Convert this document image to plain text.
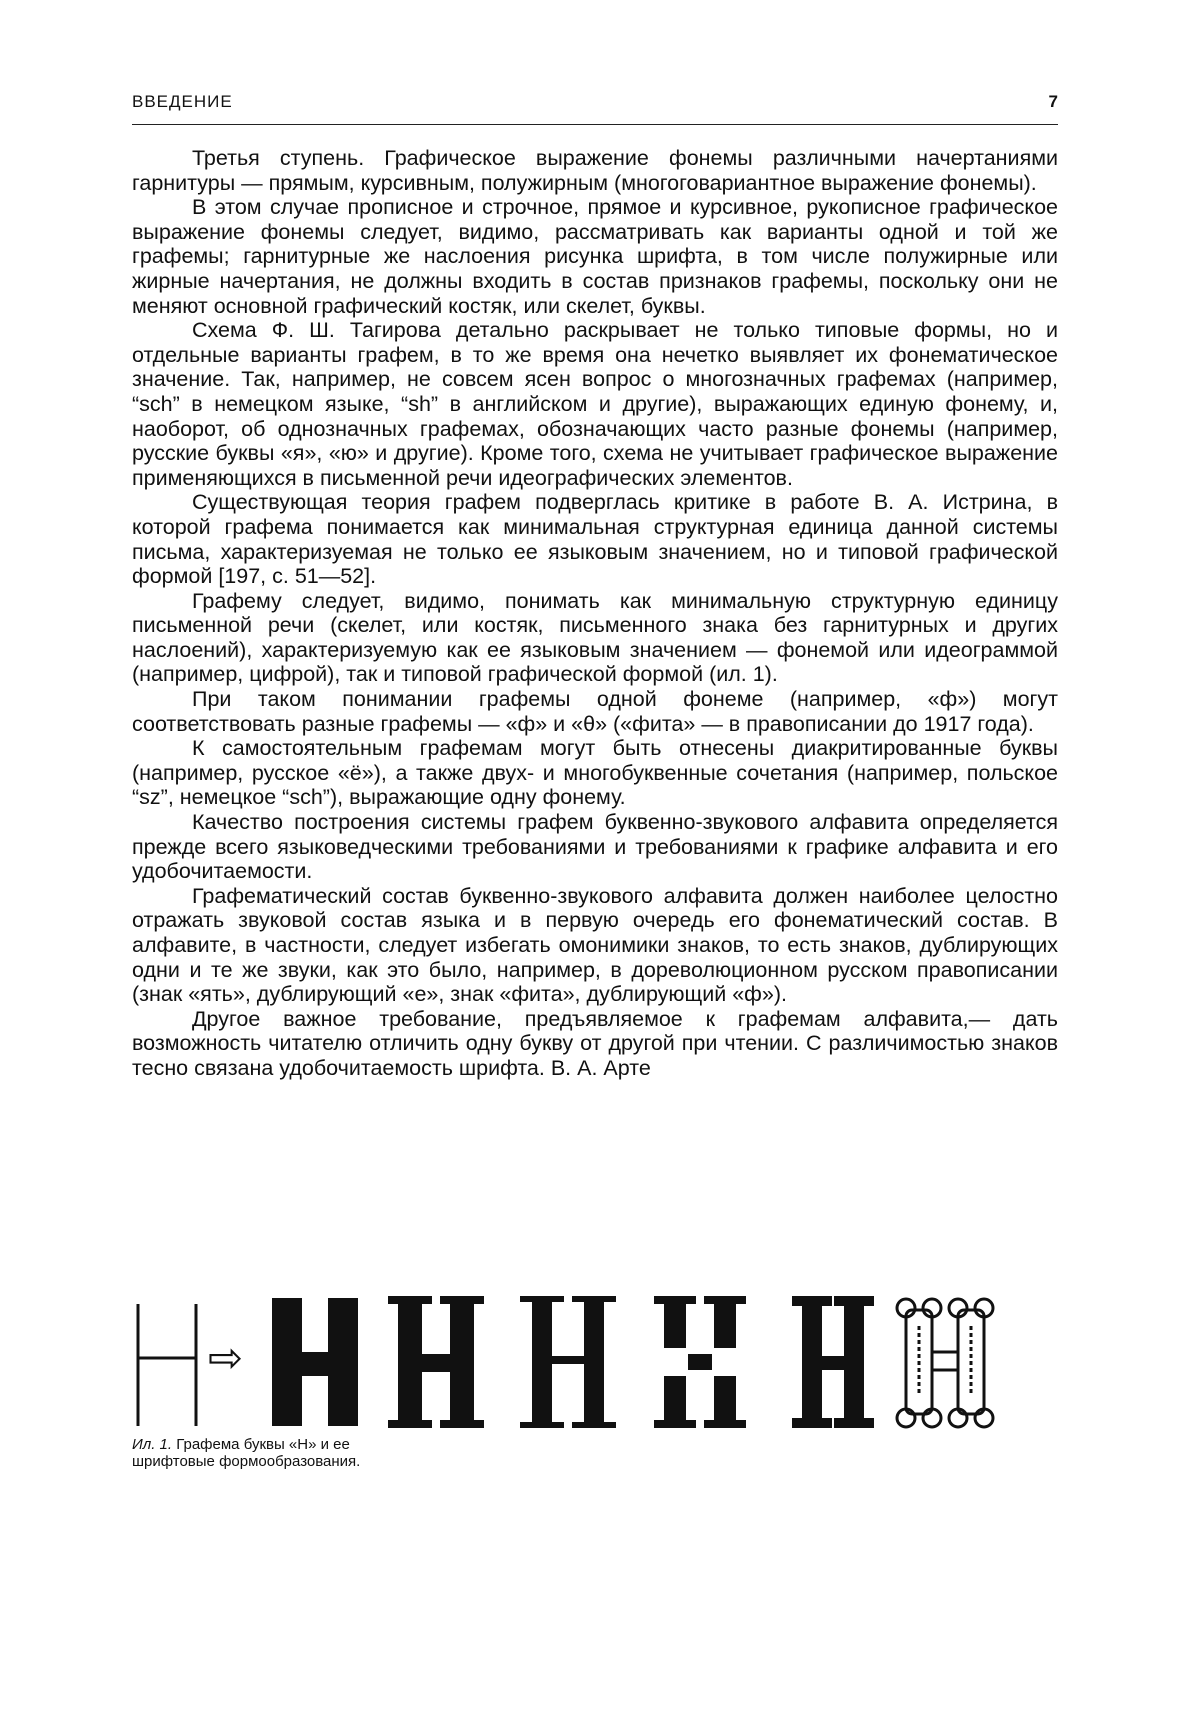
ВВЕДЕНИЕ	7

Третья ступень. Графическое выражение фонемы различными начертаниями гарнитуры — прямым, курсивным, полужирным (многоговариантное выражение фонемы).

В этом случае прописное и строчное, прямое и курсивное, рукописное графическое выражение фонемы следует, видимо, рассматривать как варианты одной и той же графемы; гарнитурные же наслоения рисунка шрифта, в том числе полужирные или жирные начертания, не должны входить в состав признаков графемы, поскольку они не меняют основной графический костяк, или скелет, буквы.

Схема Ф. Ш. Тагирова детально раскрывает не только типовые формы, но и отдельные варианты графем, в то же время она нечетко выявляет их фонематическое значение. Так, например, не совсем ясен вопрос о многозначных графемах (например, “sch” в немецком языке, “sh” в английском и другие), выражающих единую фонему, и, наоборот, об однозначных графемах, обозначающих часто разные фонемы (например, русские буквы «я», «ю» и другие). Кроме того, схема не учитывает графическое выражение применяющихся в письменной речи идеографических элементов.

Существующая теория графем подверглась критике в работе В. А. Истрина, в которой графема понимается как минимальная структурная единица данной системы письма, характеризуемая не только ее языковым значением, но и типовой графической формой [197, с. 51—52].

Графему следует, видимо, понимать как минимальную структурную единицу письменной речи (скелет, или костяк, письменного знака без гарнитурных и других наслоений), характеризуемую как ее языковым значением — фонемой или идеограммой (например, цифрой), так и типовой графической формой (ил. 1).

При таком понимании графемы одной фонеме (например, «ф») могут соответствовать разные графемы — «ф» и «θ» («фита» — в правописании до 1917 года).

К самостоятельным графемам могут быть отнесены диакритированные буквы (например, русское «ё»), а также двух- и многобуквенные сочетания (например, польское “sz”, немецкое “sch”), выражающие одну фонему.

Качество построения системы графем буквенно-звукового алфавита определяется прежде всего языковедческими требованиями и требованиями к графике алфавита и его удобочитаемости.

Графематический состав буквенно-звукового алфавита должен наиболее целостно отражать звуковой состав языка и в первую очередь его фонематический состав. В алфавите, в частности, следует избегать омонимики знаков, то есть знаков, дублирующих одни и те же звуки, как это было, например, в дореволюционном русском правописании (знак «ять», дублирующий «е», знак «фита», дублирующий «ф»).

Другое важное требование, предъявляемое к графемам алфавита,— дать возможность читателю отличить одну букву от другой при чтении. С различимостью знаков тесно связана удобочитаемость шрифта. В. А. Арте

⇨
Ил. 1. Графема буквы «Н» и ее шрифтовые формообразования.
